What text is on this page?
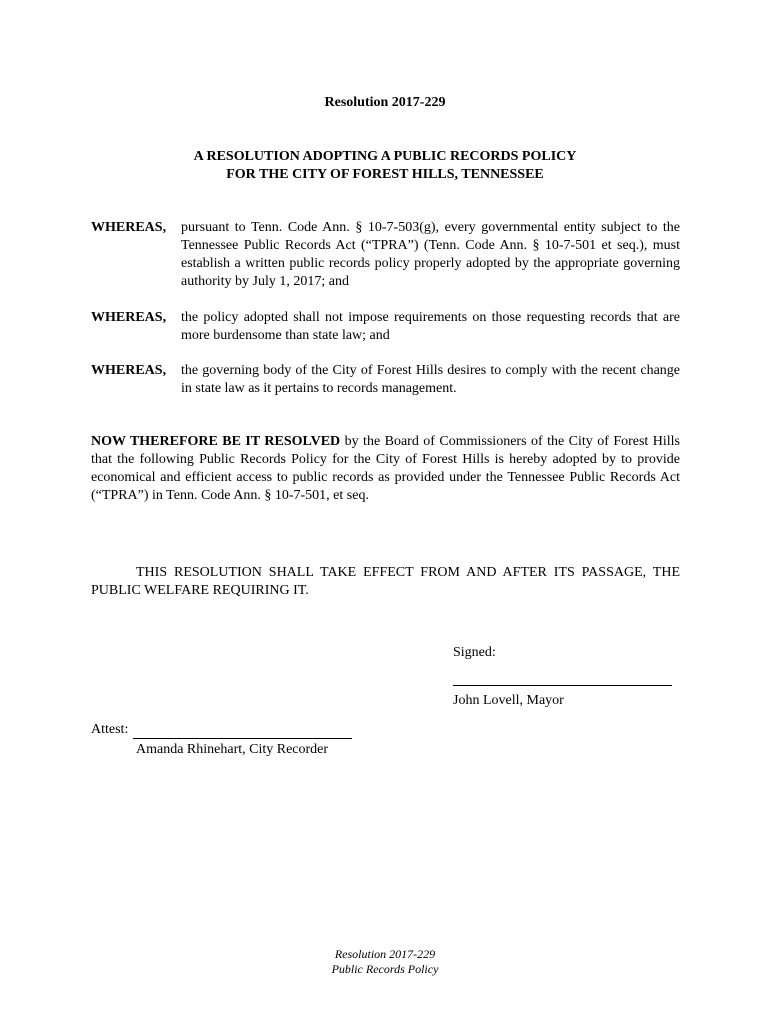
Resolution 2017-229
A RESOLUTION ADOPTING A PUBLIC RECORDS POLICY
FOR THE CITY OF FOREST HILLS, TENNESSEE
WHEREAS,	pursuant to Tenn. Code Ann. § 10-7-503(g), every governmental entity subject to the Tennessee Public Records Act (“TPRA”) (Tenn. Code Ann. § 10-7-501 et seq.), must establish a written public records policy properly adopted by the appropriate governing authority by July 1, 2017; and
WHEREAS,	the policy adopted shall not impose requirements on those requesting records that are more burdensome than state law; and
WHEREAS,	the governing body of the City of Forest Hills desires to comply with the recent change in state law as it pertains to records management.
NOW THEREFORE BE IT RESOLVED by the Board of Commissioners of the City of Forest Hills that the following Public Records Policy for the City of Forest Hills is hereby adopted by to provide economical and efficient access to public records as provided under the Tennessee Public Records Act (“TPRA”) in Tenn. Code Ann. § 10-7-501, et seq.
THIS RESOLUTION SHALL TAKE EFFECT FROM AND AFTER ITS PASSAGE, THE PUBLIC WELFARE REQUIRING IT.
Signed:
John Lovell, Mayor
Attest:
Amanda Rhinehart, City Recorder
Resolution 2017-229
Public Records Policy
